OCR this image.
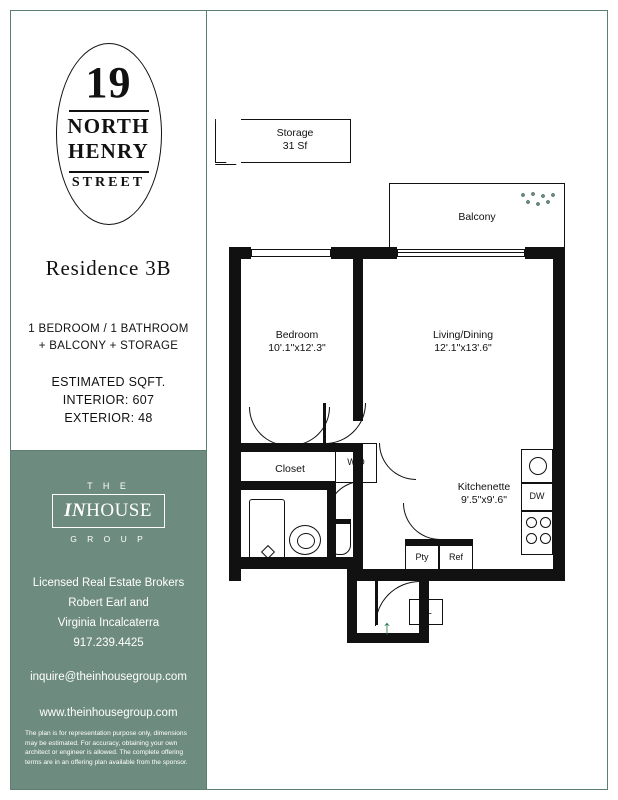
19
NORTH
HENRY
STREET
Residence 3B
1 BEDROOM / 1 BATHROOM
+ BALCONY + STORAGE
ESTIMATED SQFT.
INTERIOR: 607
EXTERIOR: 48
T H E
INHOUSE
G R O U P
Licensed Real Estate Brokers
Robert Earl and
Virginia Incalcaterra
917.239.4425
inquire@theinhousegroup.com
www.theinhousegroup.com
The plan is for representation purpose only, dimensions may be estimated. For accuracy, obtaining your own architect or engineer is allowed. The complete offering terms are in an offering plan available from the sponsor.
Storage
31 Sf
Balcony
W/D
Closet
Living/Dining
12'.1"x13'.6"
Bedroom
10'.1"x12'.3"
Kitchenette
9'.5"x9'.6"	DW
Pty	Ref
CL
↑
